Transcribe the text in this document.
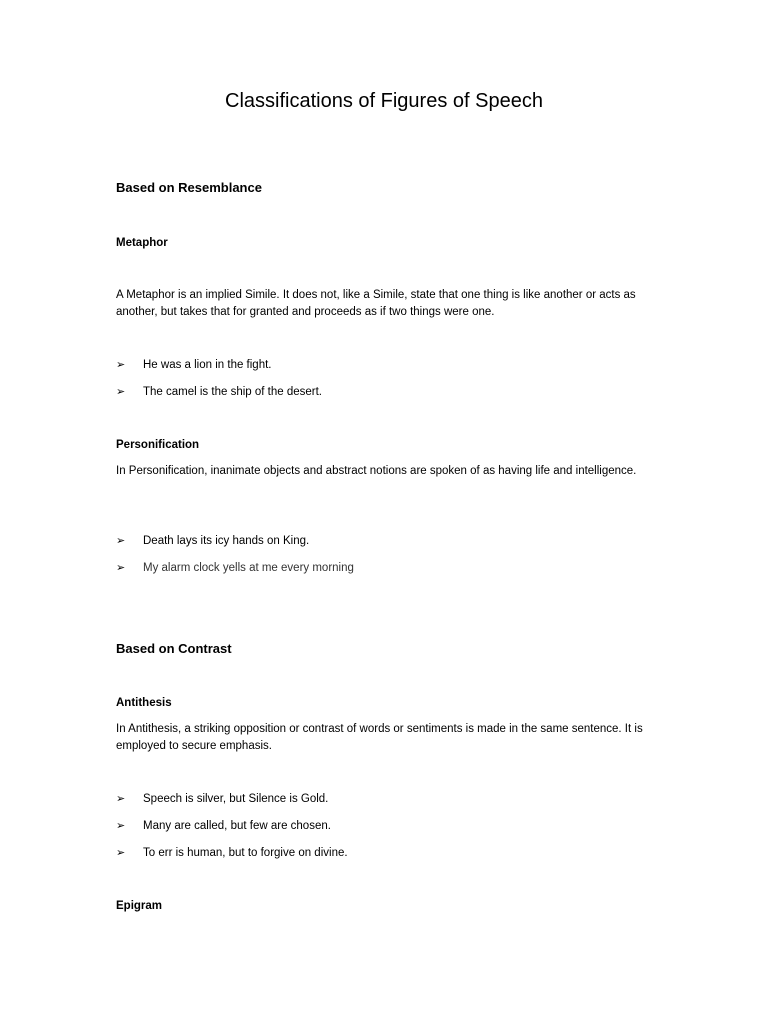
Classifications of Figures of Speech
Based on Resemblance
Metaphor

A Metaphor is an implied Simile. It does not, like a Simile, state that one thing is like another or acts as another, but takes that for granted and proceeds as if two things were one.

➢ He was a lion in the fight.
➢ The camel is the ship of the desert.
Personification

In Personification, inanimate objects and abstract notions are spoken of as having life and intelligence.

➢ Death lays its icy hands on King.
➢ My alarm clock yells at me every morning
Based on Contrast
Antithesis

In Antithesis, a striking opposition or contrast of words or sentiments is made in the same sentence. It is employed to secure emphasis.

➢ Speech is silver, but Silence is Gold.
➢ Many are called, but few are chosen.
➢ To err is human, but to forgive on divine.
Epigram
